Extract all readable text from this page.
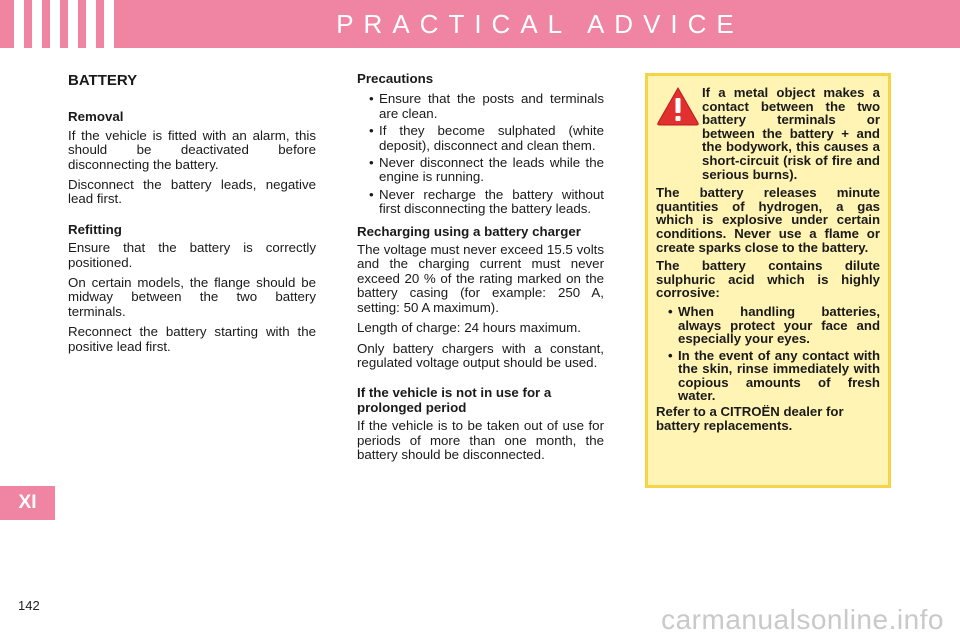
PRACTICAL ADVICE
BATTERY
Removal

If the vehicle is fitted with an alarm, this should be deactivated before disconnecting the battery.

Disconnect the battery leads, negative lead first.

Refitting

Ensure that the battery is correctly positioned.

On certain models, the flange should be midway between the two battery terminals.

Reconnect the battery starting with the positive lead first.

Precautions
• Ensure that the posts and terminals are clean.
• If they become sulphated (white deposit), disconnect and clean them.
• Never disconnect the leads while the engine is running.
• Never recharge the battery without first disconnecting the battery leads.
Recharging using a battery charger

The voltage must never exceed 15.5 volts and the charging current must never exceed 20 % of the rating marked on the battery casing (for example: 250 A, setting: 50 A maximum).

Length of charge: 24 hours maximum.

Only battery chargers with a constant, regulated voltage output should be used.

If the vehicle is not in use for a prolonged period

If the vehicle is to be taken out of use for periods of more than one month, the battery should be disconnected.

If a metal object makes a contact between the two battery terminals or between the battery + and the bodywork, this causes a short-circuit (risk of fire and serious burns).

The battery releases minute quantities of hydrogen, a gas which is explosive under certain conditions. Never use a flame or create sparks close to the battery.

The battery contains dilute sulphuric acid which is highly corrosive:

• When handling batteries, always protect your face and especially your eyes.
• In the event of any contact with the skin, rinse immediately with copious amounts of fresh water.

Refer to a CITROËN dealer for battery replacements.

XI
142	carmanualsonline.info
